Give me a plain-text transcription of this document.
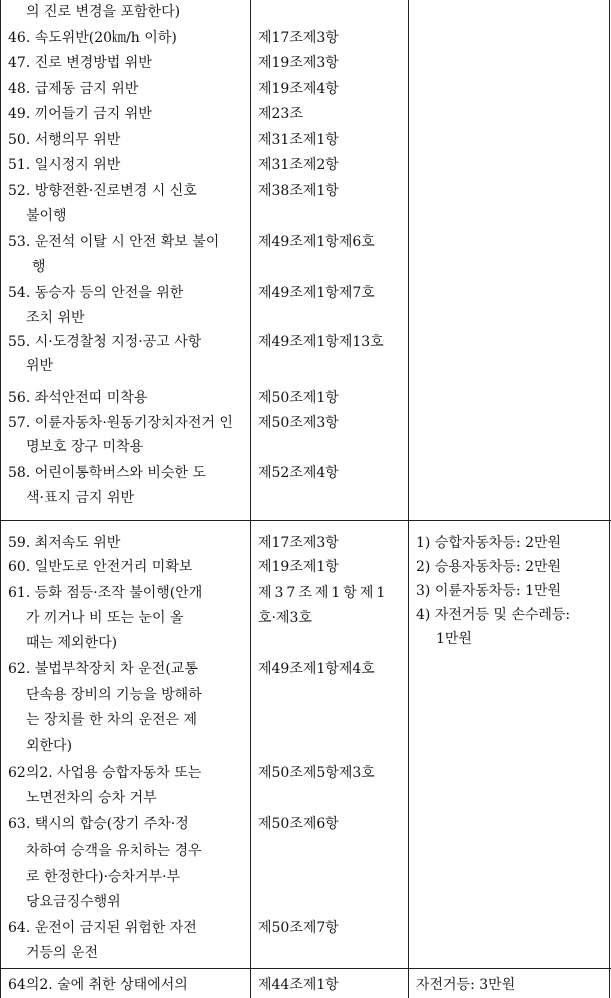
의 진로 변경을 포함한다)
46. 속도위반(20㎞/h 이하)
47. 진로 변경방법 위반
48. 급제동 금지 위반
49. 끼어들기 금지 위반
50. 서행의무 위반
51. 일시정지 위반
52. 방향전환·진로변경 시 신호
불이행
53. 운전석 이탈 시 안전 확보 불이
행
54. 동승자 등의 안전을 위한
조치 위반
55. 시·도경찰청 지정·공고 사항
위반
56. 좌석안전띠 미착용
57. 이륜자동차·원동기장치자전거 인
명보호 장구 미착용
58. 어린이통학버스와 비슷한 도
색·표지 금지 위반
59. 최저속도 위반
60. 일반도로 안전거리 미확보
61. 등화 점등·조작 불이행(안개
가 끼거나 비 또는 눈이 올
때는 제외한다)
62. 불법부착장치 차 운전(교통
단속용 장비의 기능을 방해하
는 장치를 한 차의 운전은 제
외한다)
62의2. 사업용 승합자동차 또는
노면전차의 승차 거부
63. 택시의 합승(장기 주차·정
차하여 승객을 유치하는 경우
로 한정한다)·승차거부·부
당요금징수행위
64. 운전이 금지된 위험한 자전
거등의 운전
64의2. 술에 취한 상태에서의
제17조제3항
제19조제3항
제19조제4항
제23조
제31조제1항
제31조제2항
제38조제1항
제49조제1항제6호
제49조제1항제7호
제49조제1항제13호
제50조제1항
제50조제3항
제52조제4항
제17조제3항
제19조제1항
제37조제1항제1
호·제3호
제49조제1항제4호
제50조제5항제3호
제50조제6항
제50조제7항
제44조제1항
1) 승합자동차등: 2만원
2) 승용자동차등: 2만원
3) 이륜자동차등: 1만원
4) 자전거등 및 손수레등:
1만원
자전거등: 3만원
